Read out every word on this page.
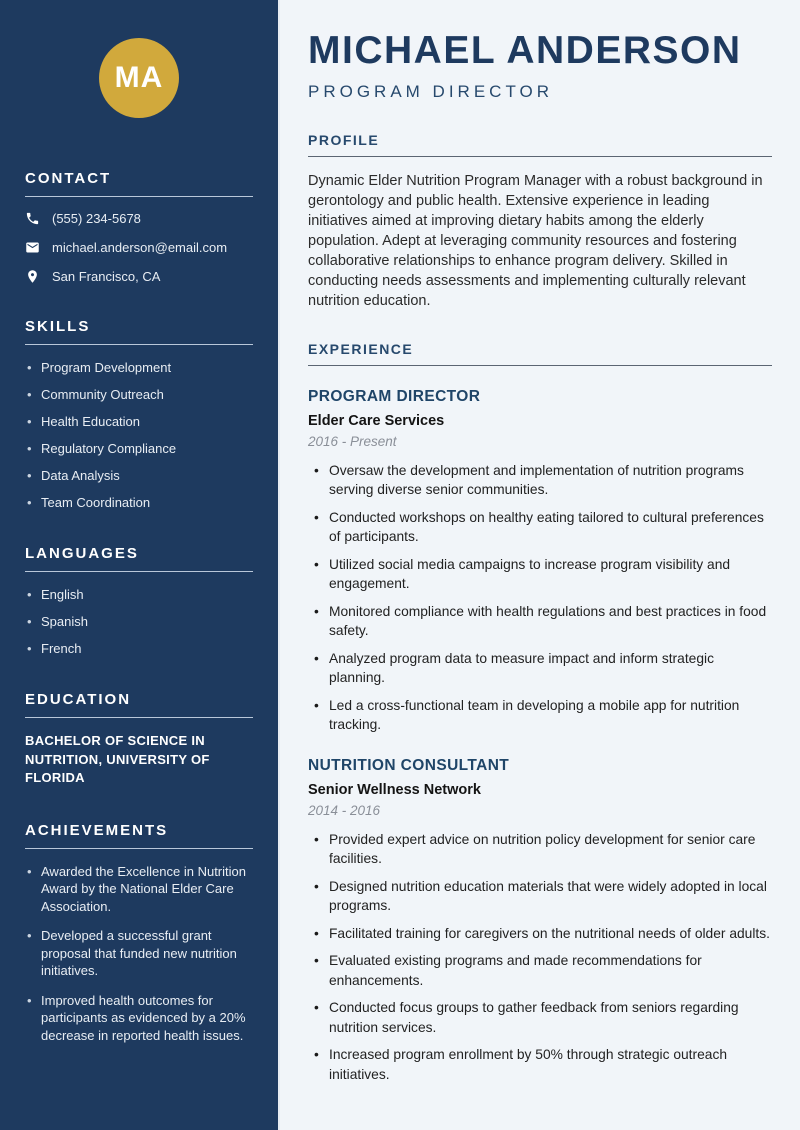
MA
CONTACT
(555) 234-5678
michael.anderson@email.com
San Francisco, CA
SKILLS
• Program Development
• Community Outreach
• Health Education
• Regulatory Compliance
• Data Analysis
• Team Coordination
LANGUAGES
• English
• Spanish
• French
EDUCATION
BACHELOR OF SCIENCE IN NUTRITION, UNIVERSITY OF FLORIDA
ACHIEVEMENTS
• Awarded the Excellence in Nutrition Award by the National Elder Care Association.
• Developed a successful grant proposal that funded new nutrition initiatives.
• Improved health outcomes for participants as evidenced by a 20% decrease in reported health issues.
MICHAEL ANDERSON
PROGRAM DIRECTOR
PROFILE

Dynamic Elder Nutrition Program Manager with a robust background in gerontology and public health. Extensive experience in leading initiatives aimed at improving dietary habits among the elderly population. Adept at leveraging community resources and fostering collaborative relationships to enhance program delivery. Skilled in conducting needs assessments and implementing culturally relevant nutrition education.

EXPERIENCE
PROGRAM DIRECTOR
Elder Care Services
2016 - Present
• Oversaw the development and implementation of nutrition programs serving diverse senior communities.
• Conducted workshops on healthy eating tailored to cultural preferences of participants.
• Utilized social media campaigns to increase program visibility and engagement.
• Monitored compliance with health regulations and best practices in food safety.
• Analyzed program data to measure impact and inform strategic planning.
• Led a cross-functional team in developing a mobile app for nutrition tracking.
NUTRITION CONSULTANT
Senior Wellness Network
2014 - 2016
• Provided expert advice on nutrition policy development for senior care facilities.
• Designed nutrition education materials that were widely adopted in local programs.
• Facilitated training for caregivers on the nutritional needs of older adults.
• Evaluated existing programs and made recommendations for enhancements.
• Conducted focus groups to gather feedback from seniors regarding nutrition services.
• Increased program enrollment by 50% through strategic outreach initiatives.
